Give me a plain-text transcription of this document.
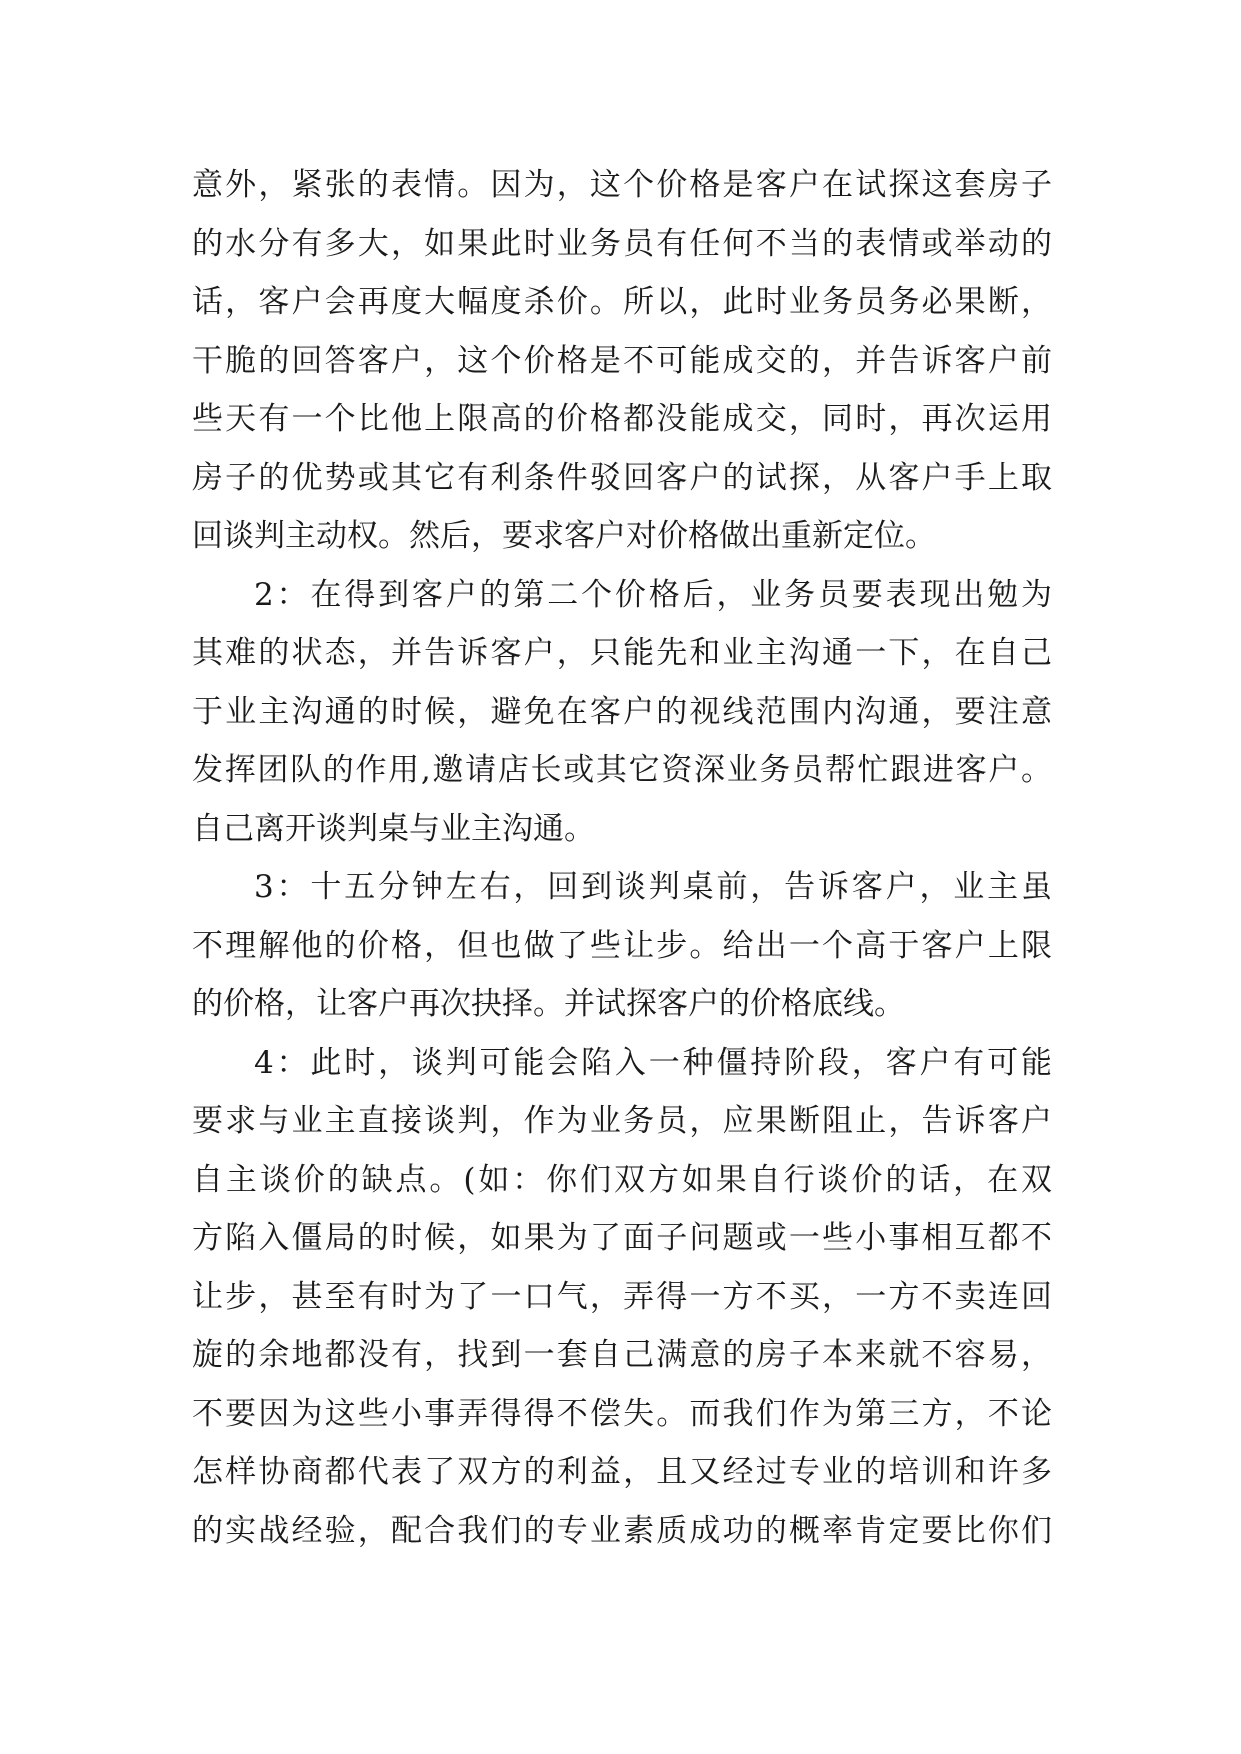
意外，紧张的表情。因为，这个价格是客户在试探这套房子
的水分有多大，如果此时业务员有任何不当的表情或举动的
话，客户会再度大幅度杀价。所以，此时业务员务必果断，
干脆的回答客户，这个价格是不可能成交的，并告诉客户前
些天有一个比他上限高的价格都没能成交，同时，再次运用
房子的优势或其它有利条件驳回客户的试探，从客户手上取
回谈判主动权。然后，要求客户对价格做出重新定位。
2：在得到客户的第二个价格后，业务员要表现出勉为
其难的状态，并告诉客户，只能先和业主沟通一下，在自己
于业主沟通的时候，避免在客户的视线范围内沟通，要注意
发挥团队的作用,邀请店长或其它资深业务员帮忙跟进客户。
自己离开谈判桌与业主沟通。
3：十五分钟左右，回到谈判桌前，告诉客户，业主虽
不理解他的价格，但也做了些让步。给出一个高于客户上限
的价格，让客户再次抉择。并试探客户的价格底线。
4：此时，谈判可能会陷入一种僵持阶段，客户有可能
要求与业主直接谈判，作为业务员，应果断阻止，告诉客户
自主谈价的缺点。(如：你们双方如果自行谈价的话，在双
方陷入僵局的时候，如果为了面子问题或一些小事相互都不
让步，甚至有时为了一口气，弄得一方不买，一方不卖连回
旋的余地都没有，找到一套自己满意的房子本来就不容易，
不要因为这些小事弄得得不偿失。而我们作为第三方，不论
怎样协商都代表了双方的利益，且又经过专业的培训和许多
的实战经验，配合我们的专业素质成功的概率肯定要比你们
